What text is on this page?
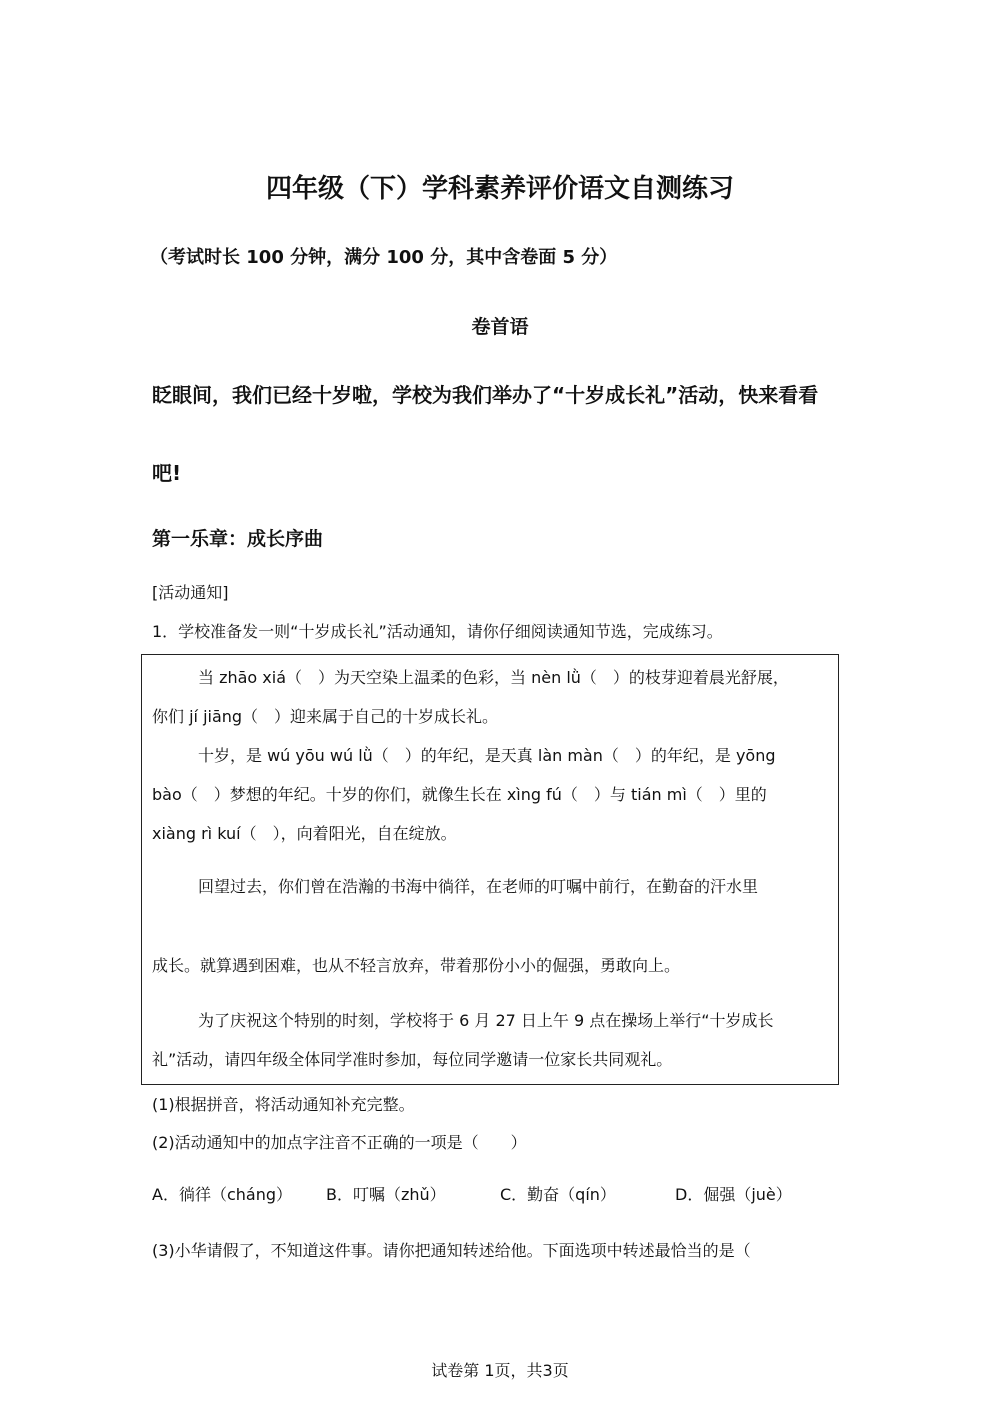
四年级（下）学科素养评价语文自测练习
（考试时长 100 分钟，满分 100 分，其中含卷面 5 分）
卷首语
眨眼间，我们已经十岁啦，学校为我们举办了“十岁成长礼”活动，快来看看
吧!
第一乐章：成长序曲
[活动通知]
1．学校准备发一则“十岁成长礼”活动通知，请你仔细阅读通知节选，完成练习。
当 zhāo xiá（　）为天空染上温柔的色彩，当 nèn lǜ（　）的枝芽迎着晨光舒展，
你们 jí jiāng（　）迎来属于自己的十岁成长礼。
十岁，是 wú yōu wú lǜ（　）的年纪，是天真 làn màn（　）的年纪，是 yōng
bào（　）梦想的年纪。十岁的你们，就像生长在 xìng fú（　）与 tián mì（　）里的
xiàng rì kuí（　），向着阳光，自在绽放。
回望过去，你们曾在浩瀚的书海中徜徉，在老师的叮嘱中前行，在勤奋的汗水里
成长。就算遇到困难，也从不轻言放弃，带着那份小小的倔强，勇敢向上。
为了庆祝这个特别的时刻，学校将于 6 月 27 日上午 9 点在操场上举行“十岁成长
礼”活动，请四年级全体同学准时参加，每位同学邀请一位家长共同观礼。
(1)根据拼音，将活动通知补充完整。
(2)活动通知中的加点字注音不正确的一项是（　　）
A．徜徉（cháng） B．叮嘱（zhǔ）	C．勤奋（qín）	D．倔强（juè）
(3)小华请假了，不知道这件事。请你把通知转述给他。下面选项中转述最恰当的是（
试卷第 1页，共3页
